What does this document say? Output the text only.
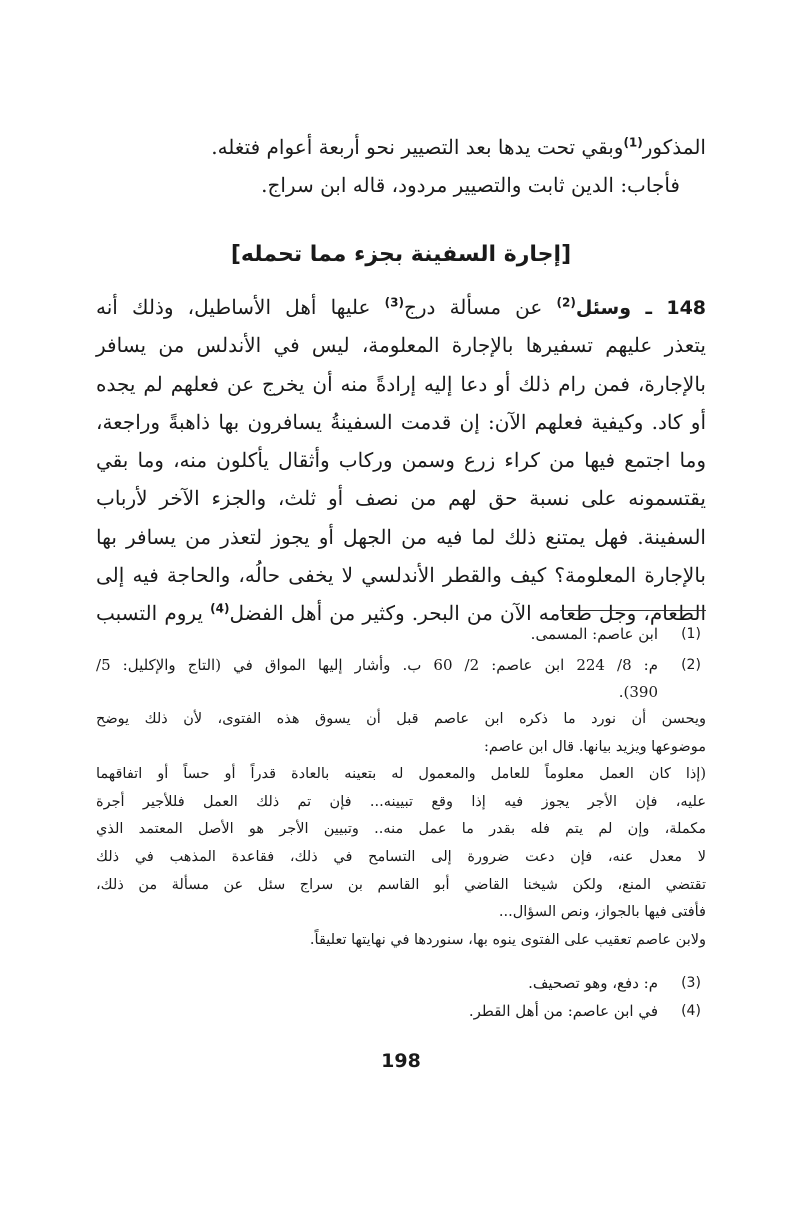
المذكور$^{(1)}$وبقي تحت يدها بعد التصيير نحو أربعة أعوام فتغله.
فأجاب: الدين ثابت والتصيير مردود، قاله ابن سراج.
[إجارة السفينة بجزء مما تحمله]
148 ـ وسئل$^{(2)}$ عن مسألة درج$^{(3)}$ عليها أهل الأساطيل، وذلك أنه
يتعذر عليهم تسفيرها بالإجارة المعلومة، ليس في الأندلس من يسافر
بالإجارة، فمن رام ذلك أو دعا إليه إرادةً منه أن يخرج عن فعلهم لم يجده
أو كاد. وكيفية فعلهم الآن: إن قدمت السفينةُ يسافرون بها ذاهبةً وراجعة،
وما اجتمع فيها من كراء زرع وسمن وركاب وأثقال يأكلون منه، وما بقي
يقتسمونه على نسبة حق لهم من نصف أو ثلث، والجزء الآخر لأرباب
السفينة. فهل يمتنع ذلك لما فيه من الجهل أو يجوز لتعذر من يسافر بها
بالإجارة المعلومة؟ كيف والقطر الأندلسي لا يخفى حالُه، والحاجة فيه إلى
الطعام، وجل طعامه الآن من البحر. وكثير من أهل الفضل$^{(4)}$ يروم التسبب
(1)
ابن عاصم: المسمى.
(2)
م: 8/ 224 ابن عاصم: 2/ 60 ب. وأشار إليها المواق في (التاج والإكليل: 5/
390).
ويحسن أن نورد ما ذكره ابن عاصم قبل أن يسوق هذه الفتوى، لأن ذلك يوضح
موضوعها ويزيد بيانها. قال ابن عاصم:
(إذا كان العمل معلوماً للعامل والمعمول له بتعينه بالعادة قدراً أو حساً أو اتفاقهما
عليه، فإن الأجر يجوز فيه إذا وقع تبيينه... فإن تم ذلك العمل فللأجير أجرة
مكملة، وإن لم يتم فله بقدر ما عمل منه.. وتبيين الأجر هو الأصل المعتمد الذي
لا معدل عنه، فإن دعت ضرورة إلى التسامح في ذلك، فقاعدة المذهب في ذلك
تقتضي المنع، ولكن شيخنا القاضي أبو القاسم بن سراج سئل عن مسألة من ذلك،
فأفتى فيها بالجواز، ونص السؤال...
ولابن عاصم تعقيب على الفتوى ينوه بها، سنوردها في نهايتها تعليقاً.
(3)
م: دفع، وهو تصحيف.
(4)
في ابن عاصم: من أهل القطر.
198
